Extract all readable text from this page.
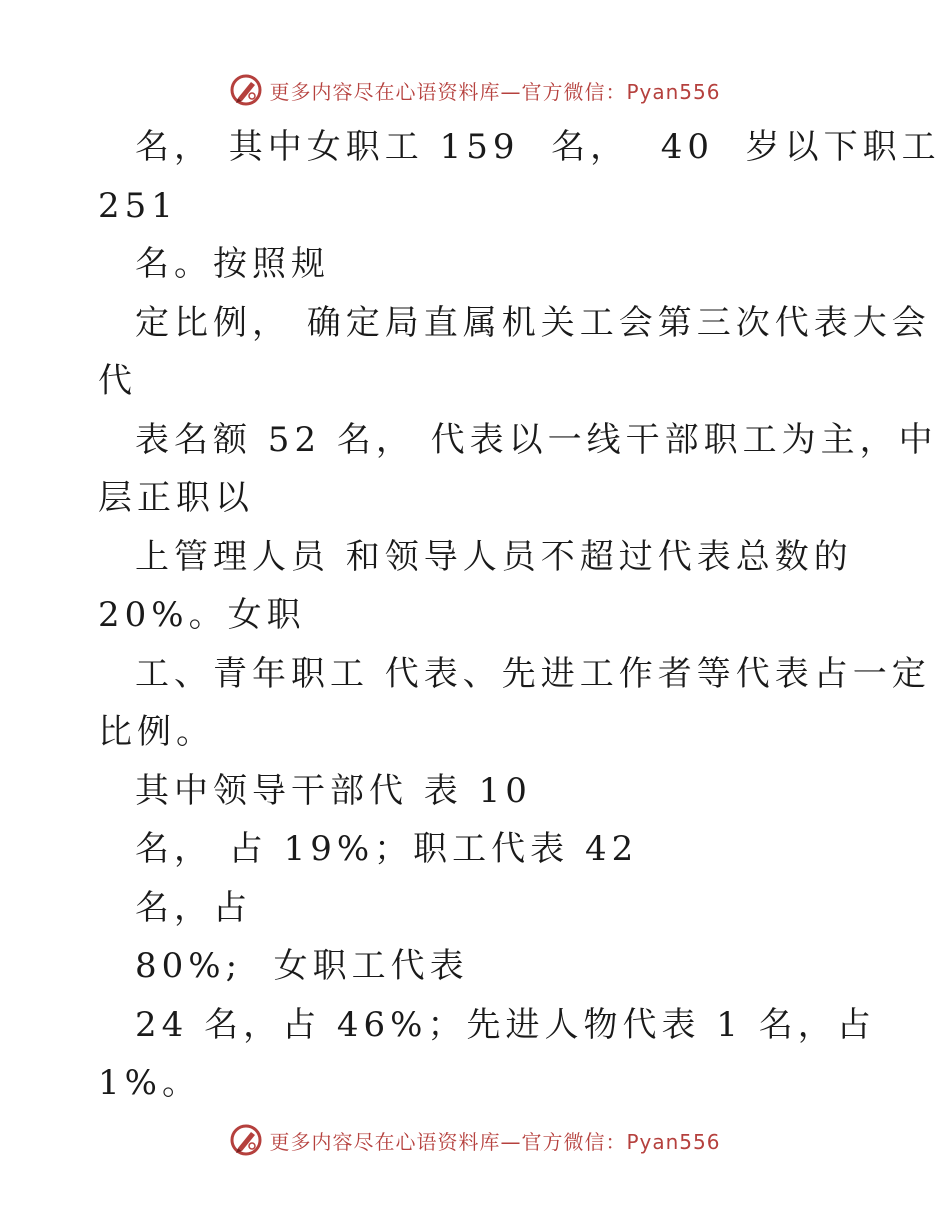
更多内容尽在心语资料库—官方微信：Pyan556
名， 其中女职工 159  名，  40  岁以下职工
251
名。按照规
定比例， 确定局直属机关工会第三次代表大会
代
表名额 52 名， 代表以一线干部职工为主，中
层正职以
上管理人员 和领导人员不超过代表总数的
20%。女职
工、青年职工 代表、先进工作者等代表占一定
比例。
其中领导干部代 表 10
名， 占 19%；职工代表 42
名，占
80%;  女职工代表
24 名，占 46%；先进人物代表 1 名，占
1%。
更多内容尽在心语资料库—官方微信：Pyan556
